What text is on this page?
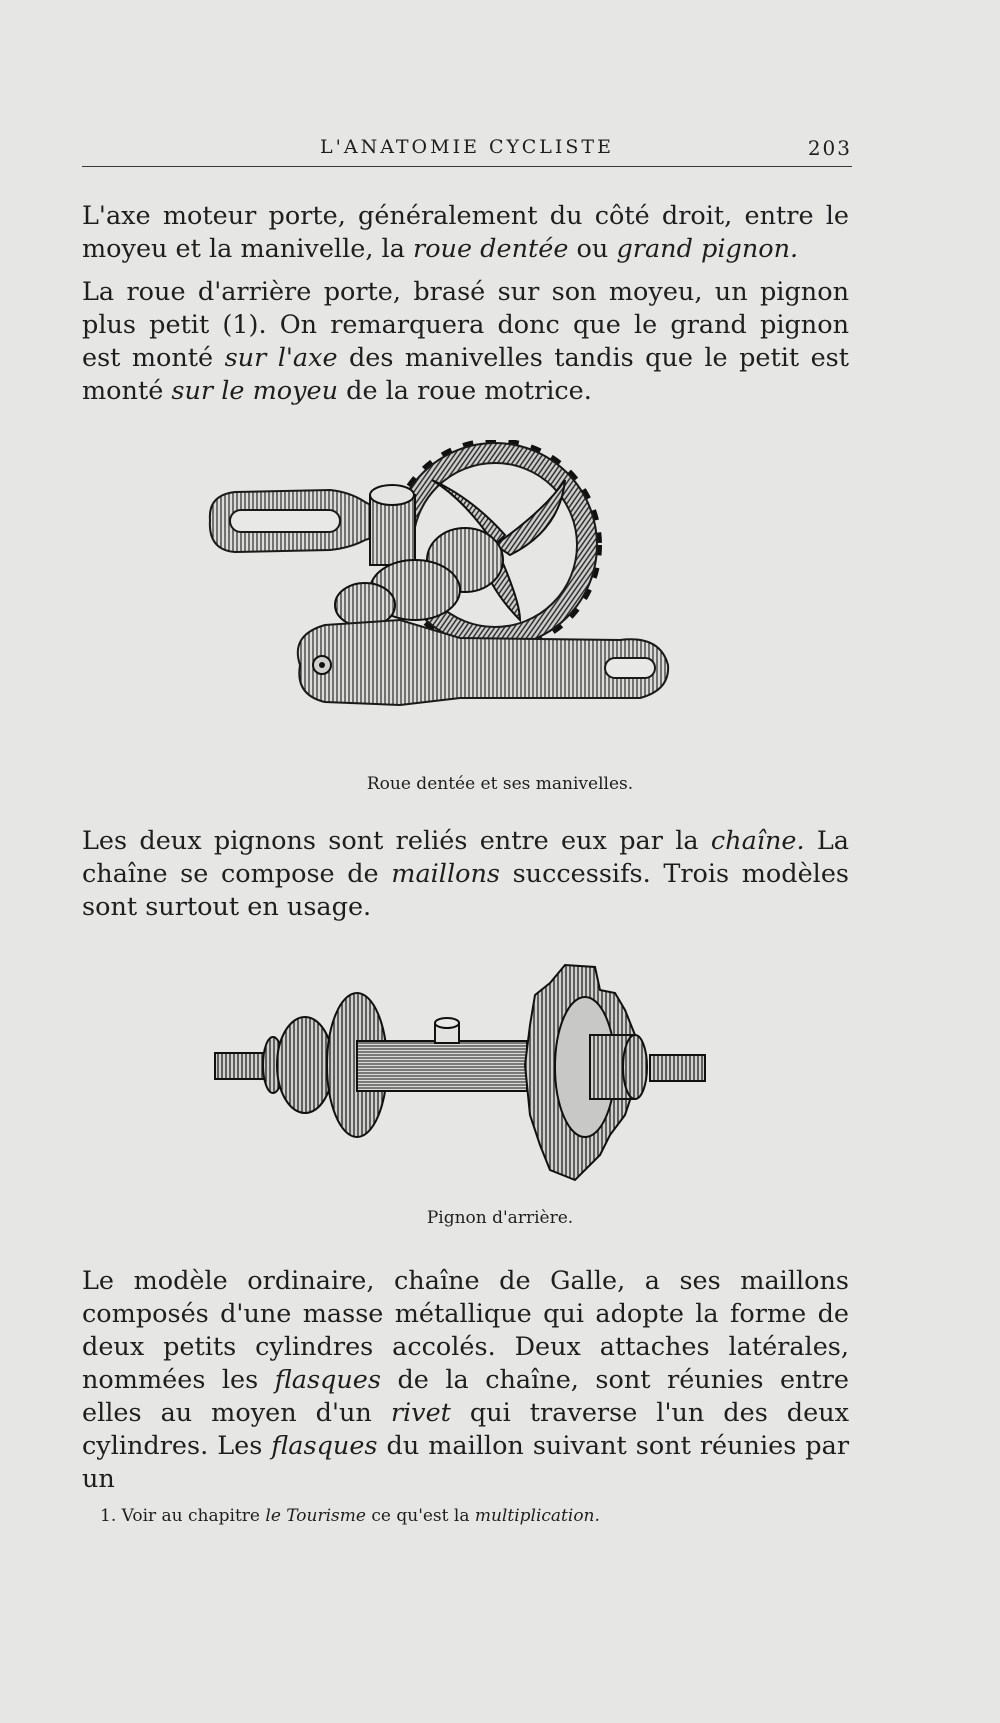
L'ANATOMIE CYCLISTE	203

L'axe moteur porte, généralement du côté droit, entre le moyeu et la manivelle, la roue dentée ou grand pignon.

La roue d'arrière porte, brasé sur son moyeu, un pignon plus petit (1). On remarquera donc que le grand pignon est monté sur l'axe des manivelles tandis que le petit est monté sur le moyeu de la roue motrice.

Roue dentée et ses manivelles.

Les deux pignons sont reliés entre eux par la chaîne. La chaîne se compose de maillons successifs. Trois modèles sont surtout en usage.

Pignon d'arrière.

Le modèle ordinaire, chaîne de Galle, a ses maillons composés d'une masse métallique qui adopte la forme de deux petits cylindres accolés. Deux attaches latérales, nommées les flasques de la chaîne, sont réunies entre elles au moyen d'un rivet qui traverse l'un des deux cylindres. Les flasques du maillon suivant sont réunies par un

1. Voir au chapitre le Tourisme ce qu'est la multiplication.
